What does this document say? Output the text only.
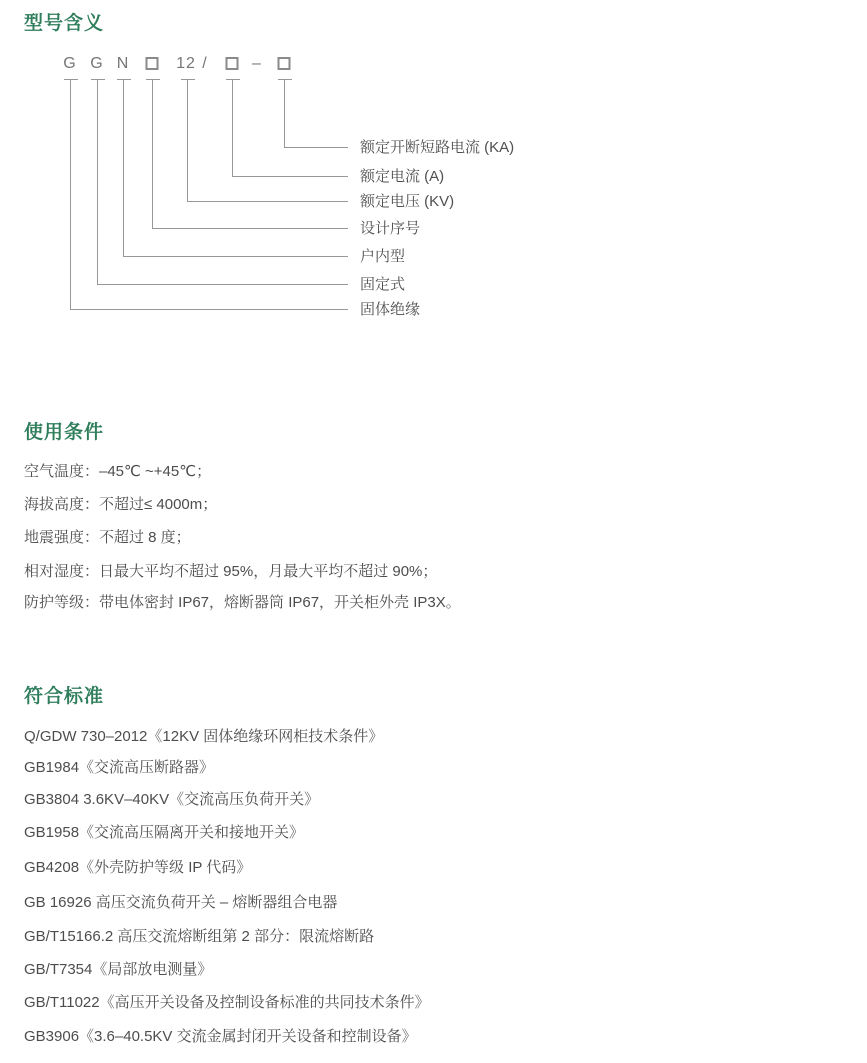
型号含义
G G N	12 /	–
额定开断短路电流 (KA)
额定电流 (A)
额定电压 (KV)
设计序号
户内型
固定式
固体绝缘
使用条件
空气温度：–45℃ ~+45℃；
海拔高度：不超过≤ 4000m；
地震强度：不超过 8 度；
相对湿度：日最大平均不超过 95%，月最大平均不超过 90%；
防护等级：带电体密封 IP67，熔断器筒 IP67，开关柜外壳 IP3X。
符合标准
Q/GDW 730–2012《12KV 固体绝缘环网柜技术条件》
GB1984《交流高压断路器》
GB3804 3.6KV–40KV《交流高压负荷开关》
GB1958《交流高压隔离开关和接地开关》
GB4208《外壳防护等级 IP 代码》
GB 16926 高压交流负荷开关 – 熔断器组合电器
GB/T15166.2 高压交流熔断组第 2 部分：限流熔断路
GB/T7354《局部放电测量》
GB/T11022《高压开关设备及控制设备标准的共同技术条件》
GB3906《3.6–40.5KV 交流金属封闭开关设备和控制设备》
